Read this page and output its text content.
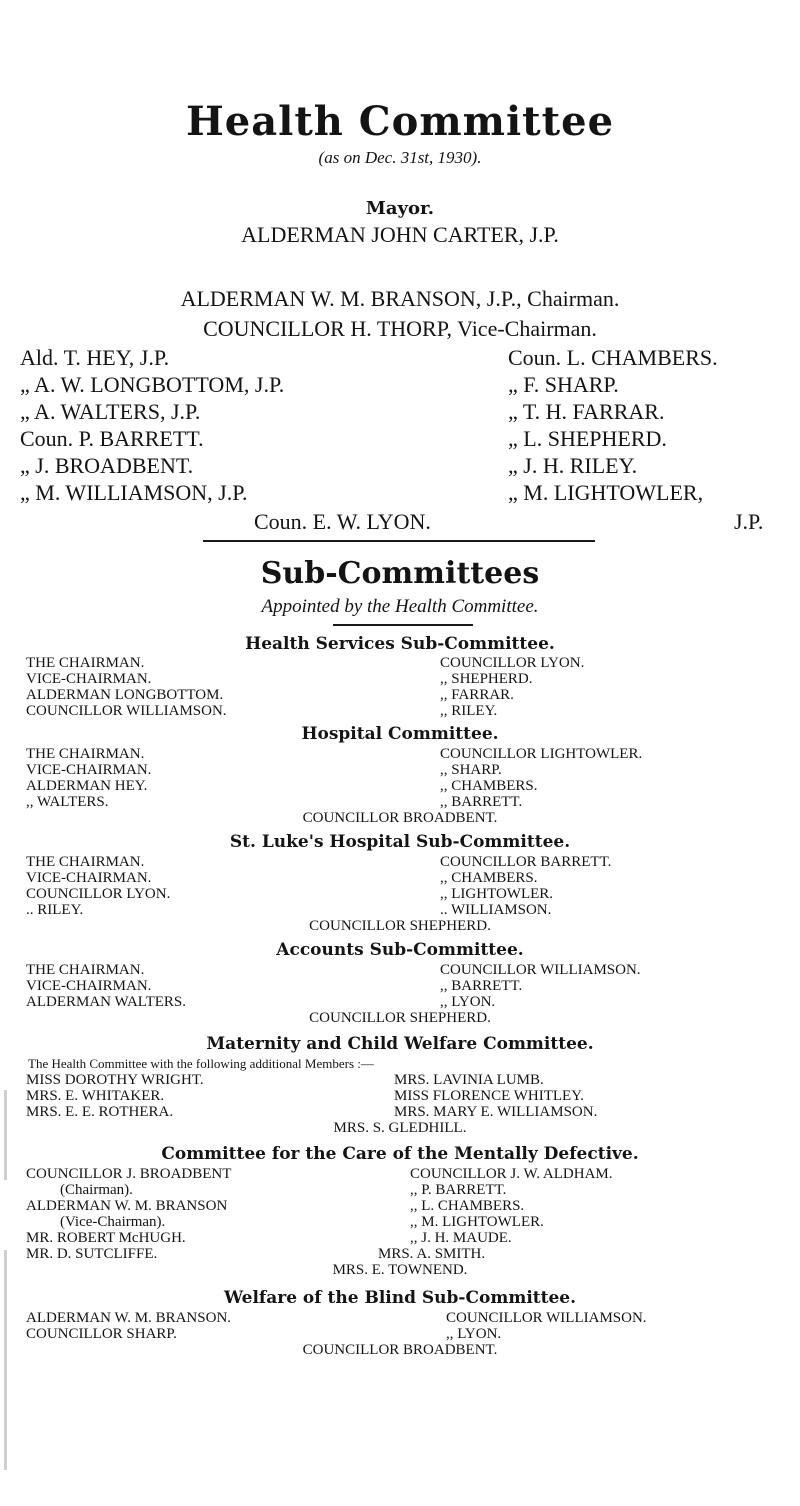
Health Committee
(as on Dec. 31st, 1930).
Mayor.
ALDERMAN JOHN CARTER, J.P.
ALDERMAN W. M. BRANSON, J.P., Chairman.
COUNCILLOR H. THORP, Vice-Chairman.
Ald. T. HEY, J.P.
„ A. W. LONGBOTTOM, J.P.
„ A. WALTERS, J.P.
Coun. P. BARRETT.
„ J. BROADBENT.
„ M. WILLIAMSON, J.P.
Coun. L. CHAMBERS.
„ F. SHARP.
„ T. H. FARRAR.
„ L. SHEPHERD.
„ J. H. RILEY.
„ M. LIGHTOWLER,
Coun. E. W. LYON.	J.P.
Sub-Committees
Appointed by the Health Committee.
Health Services Sub-Committee.
THE CHAIRMAN.
VICE-CHAIRMAN.
ALDERMAN LONGBOTTOM.
COUNCILLOR WILLIAMSON.
COUNCILLOR LYON.
,, SHEPHERD.
,, FARRAR.
,, RILEY.
Hospital Committee.
THE CHAIRMAN.
VICE-CHAIRMAN.
ALDERMAN HEY.
,, WALTERS.
COUNCILLOR LIGHTOWLER.
,, SHARP.
,, CHAMBERS.
,, BARRETT.
COUNCILLOR BROADBENT.
St. Luke's Hospital Sub-Committee.
THE CHAIRMAN.
VICE-CHAIRMAN.
COUNCILLOR LYON.
.. RILEY.
COUNCILLOR BARRETT.
,, CHAMBERS.
,, LIGHTOWLER.
.. WILLIAMSON.
COUNCILLOR SHEPHERD.
Accounts Sub-Committee.
THE CHAIRMAN.
VICE-CHAIRMAN.
ALDERMAN WALTERS.
COUNCILLOR WILLIAMSON.
,, BARRETT.
,, LYON.
COUNCILLOR SHEPHERD.
Maternity and Child Welfare Committee.
The Health Committee with the following additional Members :—
MISS DOROTHY WRIGHT.
MRS. E. WHITAKER.
MRS. E. E. ROTHERA.
MRS. LAVINIA LUMB.
MISS FLORENCE WHITLEY.
MRS. MARY E. WILLIAMSON.
MRS. S. GLEDHILL.
Committee for the Care of the Mentally Defective.
COUNCILLOR J. BROADBENT
(Chairman).
ALDERMAN W. M. BRANSON
(Vice-Chairman).
MR. ROBERT McHUGH.
MR. D. SUTCLIFFE.
COUNCILLOR J. W. ALDHAM.
,, P. BARRETT.
,, L. CHAMBERS.
,, M. LIGHTOWLER.
,, J. H. MAUDE.
MRS. A. SMITH.
MRS. E. TOWNEND.
Welfare of the Blind Sub-Committee.
ALDERMAN W. M. BRANSON.
COUNCILLOR SHARP.
COUNCILLOR WILLIAMSON.
,, LYON.
COUNCILLOR BROADBENT.
